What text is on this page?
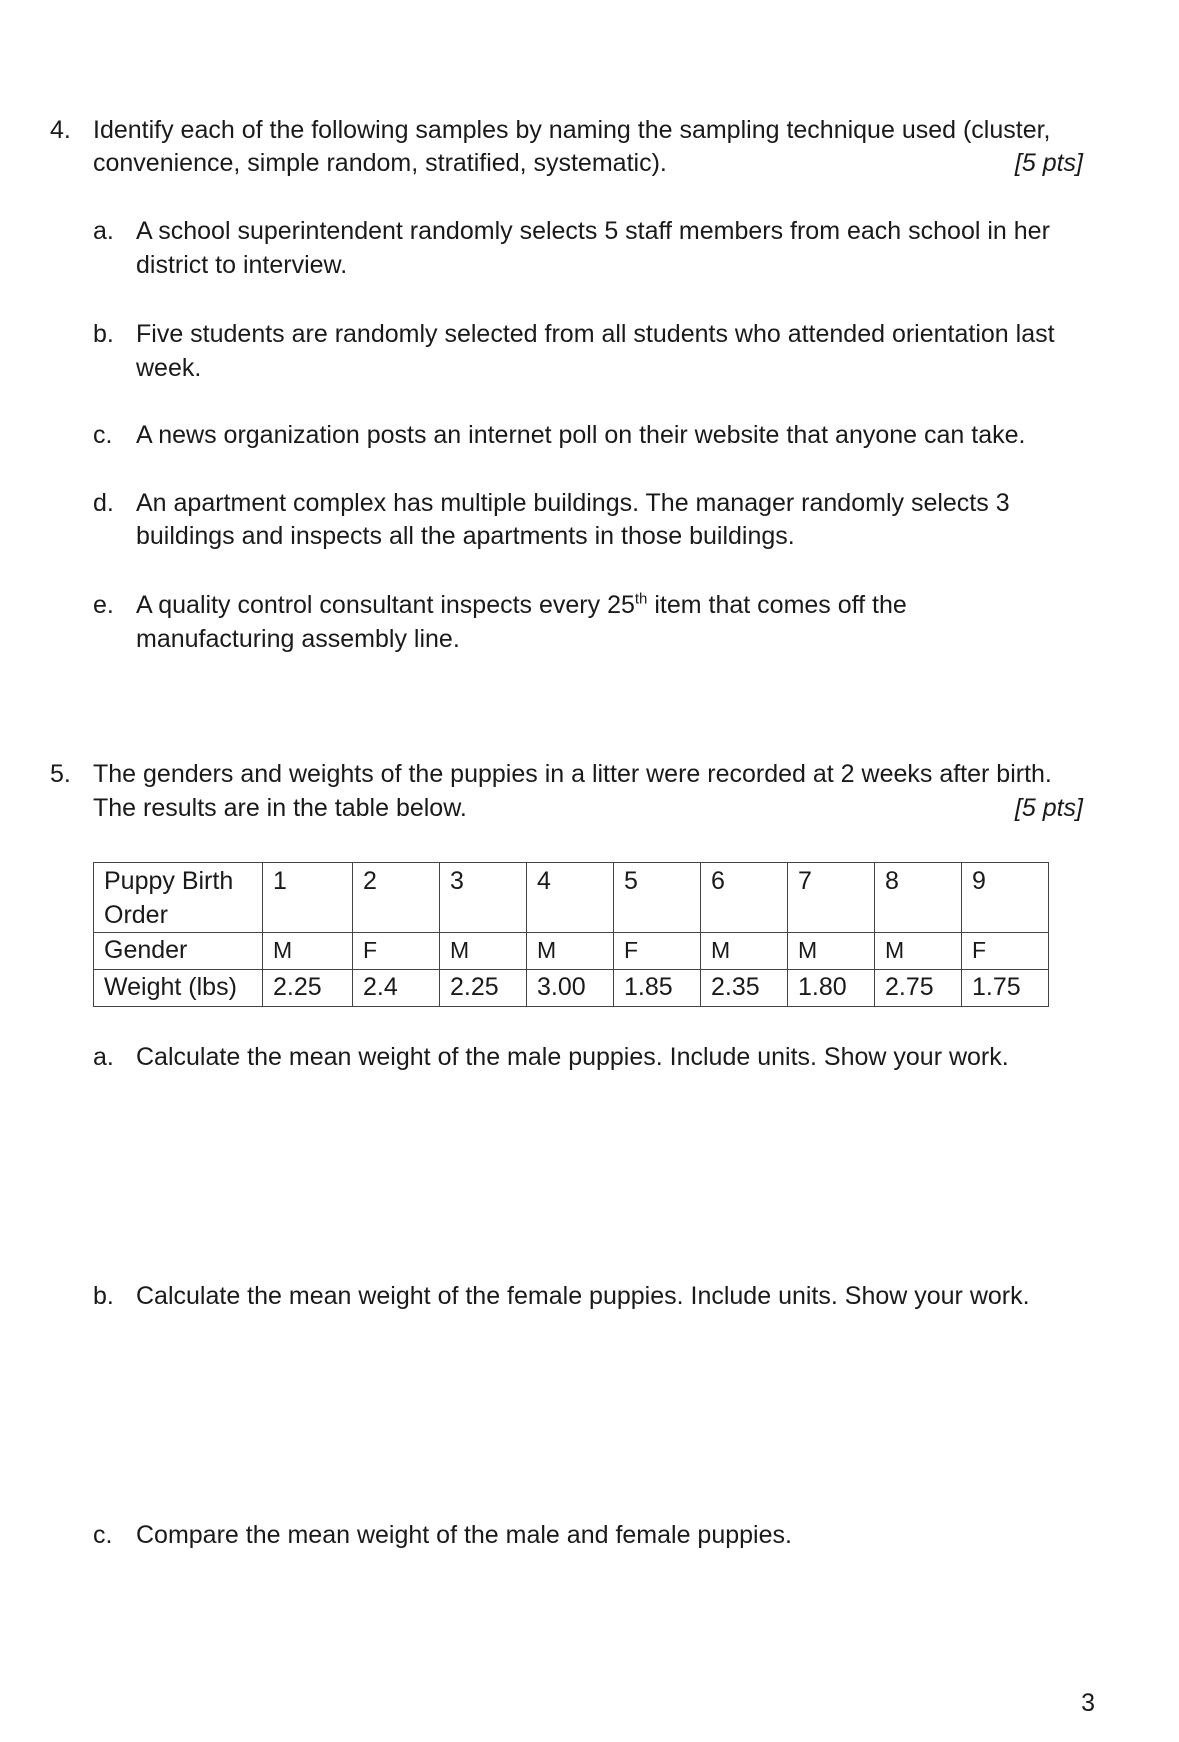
4. Identify each of the following samples by naming the sampling technique used (cluster,
convenience, simple random, stratified, systematic).	[5 pts]
a. A school superintendent randomly selects 5 staff members from each school in her
district to interview.
b. Five students are randomly selected from all students who attended orientation last
week.
c. A news organization posts an internet poll on their website that anyone can take.
d. An apartment complex has multiple buildings. The manager randomly selects 3
buildings and inspects all the apartments in those buildings.
e. A quality control consultant inspects every 25th item that comes off the
manufacturing assembly line.
5. The genders and weights of the puppies in a litter were recorded at 2 weeks after birth.
The results are in the table below.	[5 pts]
Puppy Birth Order	1	2	3	4	5	6	7	8	9
Gender	M	F	M	M	F	M	M	M	F
Weight (lbs)	2.25	2.4	2.25	3.00	1.85	2.35	1.80	2.75	1.75
a. Calculate the mean weight of the male puppies. Include units. Show your work.
b. Calculate the mean weight of the female puppies. Include units. Show your work.
c. Compare the mean weight of the male and female puppies.
3
